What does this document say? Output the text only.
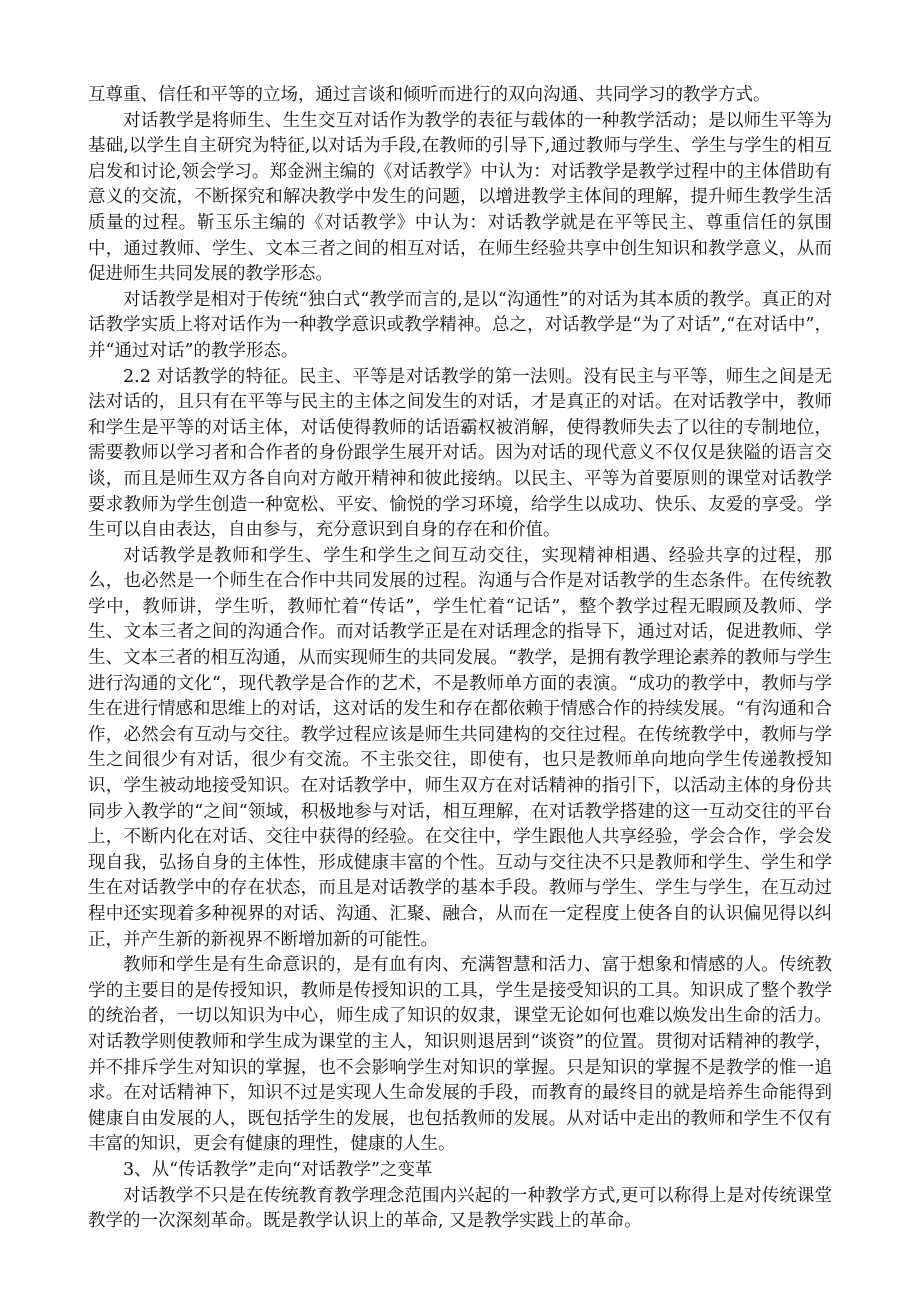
互尊重、信任和平等的立场，通过言谈和倾听而进行的双向沟通、共同学习的教学方式。

对话教学是将师生、生生交互对话作为教学的表征与载体的一种教学活动；是以师生平等为基础,以学生自主研究为特征,以对话为手段,在教师的引导下,通过教师与学生、学生与学生的相互启发和讨论,领会学习。郑金洲主编的《对话教学》中认为：对话教学是教学过程中的主体借助有意义的交流，不断探究和解决教学中发生的问题，以增进教学主体间的理解，提升师生教学生活质量的过程。靳玉乐主编的《对话教学》中认为：对话教学就是在平等民主、尊重信任的氛围中，通过教师、学生、文本三者之间的相互对话，在师生经验共享中创生知识和教学意义，从而促进师生共同发展的教学形态。

对话教学是相对于传统“独白式“教学而言的,是以“沟通性”的对话为其本质的教学。真正的对话教学实质上将对话作为一种教学意识或教学精神。总之，对话教学是“为了对话”,“在对话中”，并“通过对话”的教学形态。

2.2 对话教学的特征。民主、平等是对话教学的第一法则。没有民主与平等，师生之间是无法对话的，且只有在平等与民主的主体之间发生的对话，才是真正的对话。在对话教学中，教师和学生是平等的对话主体，对话使得教师的话语霸权被消解，使得教师失去了以往的专制地位，需要教师以学习者和合作者的身份跟学生展开对话。因为对话的现代意义不仅仅是狭隘的语言交谈，而且是师生双方各自向对方敞开精神和彼此接纳。以民主、平等为首要原则的课堂对话教学要求教师为学生创造一种宽松、平安、愉悦的学习环境，给学生以成功、快乐、友爱的享受。学生可以自由表达，自由参与，充分意识到自身的存在和价值。

对话教学是教师和学生、学生和学生之间互动交往，实现精神相遇、经验共享的过程，那么，也必然是一个师生在合作中共同发展的过程。沟通与合作是对话教学的生态条件。在传统教学中，教师讲，学生听，教师忙着“传话”，学生忙着“记话”，整个教学过程无暇顾及教师、学生、文本三者之间的沟通合作。而对话教学正是在对话理念的指导下，通过对话，促进教师、学生、文本三者的相互沟通，从而实现师生的共同发展。“教学，是拥有教学理论素养的教师与学生进行沟通的文化“，现代教学是合作的艺术，不是教师单方面的表演。“成功的教学中，教师与学生在进行情感和思维上的对话，这对话的发生和存在都依赖于情感合作的持续发展。“有沟通和合作，必然会有互动与交往。教学过程应该是师生共同建构的交往过程。在传统教学中，教师与学生之间很少有对话，很少有交流。不主张交往，即使有，也只是教师单向地向学生传递教授知识，学生被动地接受知识。在对话教学中，师生双方在对话精神的指引下，以活动主体的身份共同步入教学的“之间“领域，积极地参与对话，相互理解，在对话教学搭建的这一互动交往的平台上，不断内化在对话、交往中获得的经验。在交往中，学生跟他人共享经验，学会合作，学会发现自我，弘扬自身的主体性，形成健康丰富的个性。互动与交往决不只是教师和学生、学生和学生在对话教学中的存在状态，而且是对话教学的基本手段。教师与学生、学生与学生，在互动过程中还实现着多种视界的对话、沟通、汇聚、融合，从而在一定程度上使各自的认识偏见得以纠正，并产生新的新视界不断增加新的可能性。

教师和学生是有生命意识的，是有血有肉、充满智慧和活力、富于想象和情感的人。传统教学的主要目的是传授知识，教师是传授知识的工具，学生是接受知识的工具。知识成了整个教学的统治者，一切以知识为中心，师生成了知识的奴隶，课堂无论如何也难以焕发出生命的活力。对话教学则使教师和学生成为课堂的主人，知识则退居到“谈资”的位置。贯彻对话精神的教学，并不排斥学生对知识的掌握，也不会影响学生对知识的掌握。只是知识的掌握不是教学的惟一追求。在对话精神下，知识不过是实现人生命发展的手段，而教育的最终目的就是培养生命能得到健康自由发展的人，既包括学生的发展，也包括教师的发展。从对话中走出的教师和学生不仅有丰富的知识，更会有健康的理性，健康的人生。

3、从“传话教学”走向“对话教学”之变革

对话教学不只是在传统教育教学理念范围内兴起的一种教学方式,更可以称得上是对传统课堂教学的一次深刻革命。既是教学认识上的革命, 又是教学实践上的革命。
